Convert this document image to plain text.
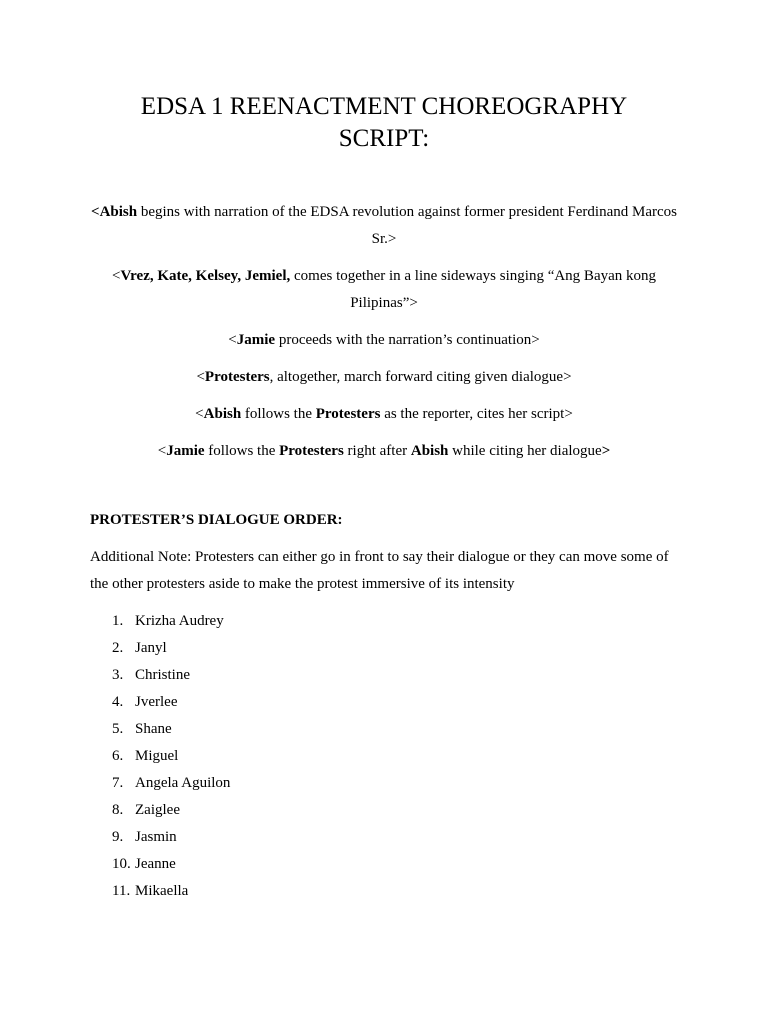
EDSA 1 REENACTMENT CHOREOGRAPHY
SCRIPT:

<Abish begins with narration of the EDSA revolution against former president Ferdinand Marcos Sr.>

<Vrez, Kate, Kelsey, Jemiel, comes together in a line sideways singing “Ang Bayan kong Pilipinas”>

<Jamie proceeds with the narration’s continuation>

<Protesters, altogether, march forward citing given dialogue>

<Abish follows the Protesters as the reporter, cites her script>

<Jamie follows the Protesters right after Abish while citing her dialogue>

PROTESTER’S DIALOGUE ORDER:

Additional Note: Protesters can either go in front to say their dialogue or they can move some of the other protesters aside to make the protest immersive of its intensity

1. Krizha Audrey
2. Janyl
3. Christine
4. Jverlee
5. Shane
6. Miguel
7. Angela Aguilon
8. Zaiglee
9. Jasmin
10. Jeanne
11. Mikaella
